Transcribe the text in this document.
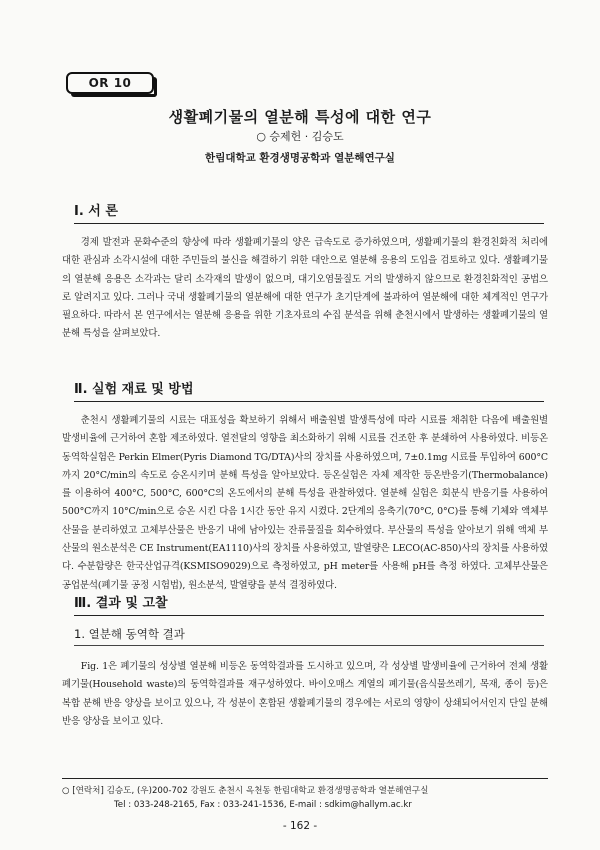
OR 10
생활폐기물의 열분해 특성에 대한 연구
○ 승제헌 · 김승도
한림대학교 환경생명공학과 열분해연구실
Ⅰ. 서 론
경제 발전과 문화수준의 향상에 따라 생활폐기물의 양은 급속도로 증가하였으며, 생활폐기물의 환경친화적 처리에 대한 관심과 소각시설에 대한 주민들의 불신을 해결하기 위한 대안으로 열분해 응용의 도입을 검토하고 있다. 생활폐기물의 열분해 응용은 소각과는 달리 소각재의 발생이 없으며, 대기오염물질도 거의 발생하지 않으므로 환경친화적인 공법으로 알려지고 있다. 그러나 국내 생활폐기물의 열분해에 대한 연구가 초기단계에 불과하여 열분해에 대한 체계적인 연구가 필요하다. 따라서 본 연구에서는 열분해 응용을 위한 기초자료의 수집 분석을 위해 춘천시에서 발생하는 생활폐기물의 열분해 특성을 살펴보았다.
Ⅱ. 실험 재료 및 방법
춘천시 생활폐기물의 시료는 대표성을 확보하기 위해서 배출원별 발생특성에 따라 시료를 채취한 다음에 배출원별 발생비율에 근거하여 혼합 제조하였다. 열전달의 영향을 최소화하기 위해 시료를 건조한 후 분쇄하여 사용하였다. 비등온 동역학실험은 Perkin Elmer(Pyris Diamond TG/DTA)사의 장치를 사용하였으며, 7±0.1mg 시료를 투입하여 600°C까지 20°C/min의 속도로 승온시키며 분해 특성을 알아보았다. 등온실험은 자체 제작한 등온반응기(Thermobalance)를 이용하여 400°C, 500°C, 600°C의 온도에서의 분해 특성을 관찰하였다. 열분해 실험은 회분식 반응기를 사용하여 500°C까지 10°C/min으로 승온 시킨 다음 1시간 동안 유지 시켰다. 2단계의 응축기(70°C, 0°C)를 통해 기체와 액체부산물을 분리하였고 고체부산물은 반응기 내에 남아있는 잔류물질을 회수하였다. 부산물의 특성을 알아보기 위해 액체 부산물의 원소분석은 CE Instrument(EA1110)사의 장치를 사용하였고, 발열량은 LECO(AC-850)사의 장치를 사용하였다. 수분함량은 한국산업규격(KSMISO9029)으로 측정하였고, pH meter를 사용해 pH를 측정 하였다. 고체부산물은 공업분석(폐기물 공정 시험법), 원소분석, 발열량을 분석 결정하였다.
Ⅲ. 결과 및 고찰
1. 열분해 동역학 결과
Fig. 1은 폐기물의 성상별 열분해 비등온 동역학결과를 도시하고 있으며, 각 성상별 발생비율에 근거하여 전체 생활폐기물(Household waste)의 동역학결과를 재구성하였다. 바이오매스 계열의 폐기물(음식물쓰레기, 목재, 종이 등)은 복합 분해 반응 양상을 보이고 있으나, 각 성분이 혼합된 생활폐기물의 경우에는 서로의 영향이 상쇄되어서인지 단일 분해반응 양상을 보이고 있다.
○ [연락처] 김승도, (우)200-702 강원도 춘천시 옥천동 한림대학교 환경생명공학과 열분해연구실
Tel : 033-248-2165, Fax : 033-241-1536, E-mail : sdkim@hallym.ac.kr
- 162 -
